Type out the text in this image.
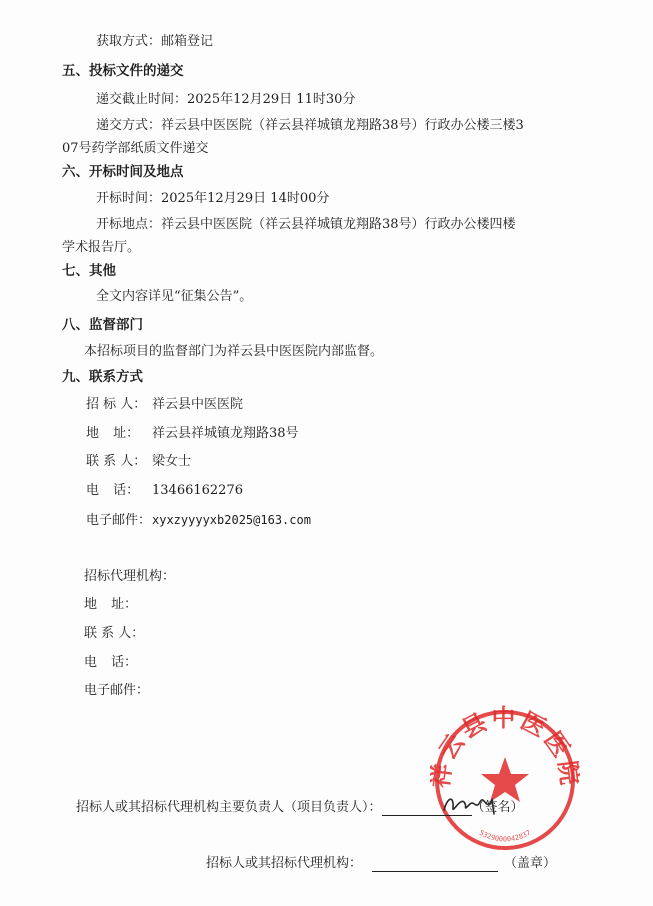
获取方式：邮箱登记
五、投标文件的递交
递交截止时间：2025年12月29日 11时30分
递交方式：祥云县中医医院（祥云县祥城镇龙翔路38号）行政办公楼三楼3
07号药学部纸质文件递交
六、开标时间及地点
开标时间：2025年12月29日 14时00分
开标地点：祥云县中医医院（祥云县祥城镇龙翔路38号）行政办公楼四楼
学术报告厅。
七、其他
全文内容详见“征集公告”。
八、监督部门
本招标项目的监督部门为祥云县中医医院内部监督。
九、联系方式
招 标 人： 祥云县中医医院
地 址： 祥云县祥城镇龙翔路38号
联 系 人： 梁女士
电 话： 13466162276
电子邮件：xyxzyyyyxb2025@163.com
招标代理机构：
地 址：
联 系 人：
电 话：
电子邮件：
云县中医医
5329000042837
招标人或其招标代理机构主要负责人（项目负责人）：	（签名）
招标人或其招标代理机构：	（盖章）
